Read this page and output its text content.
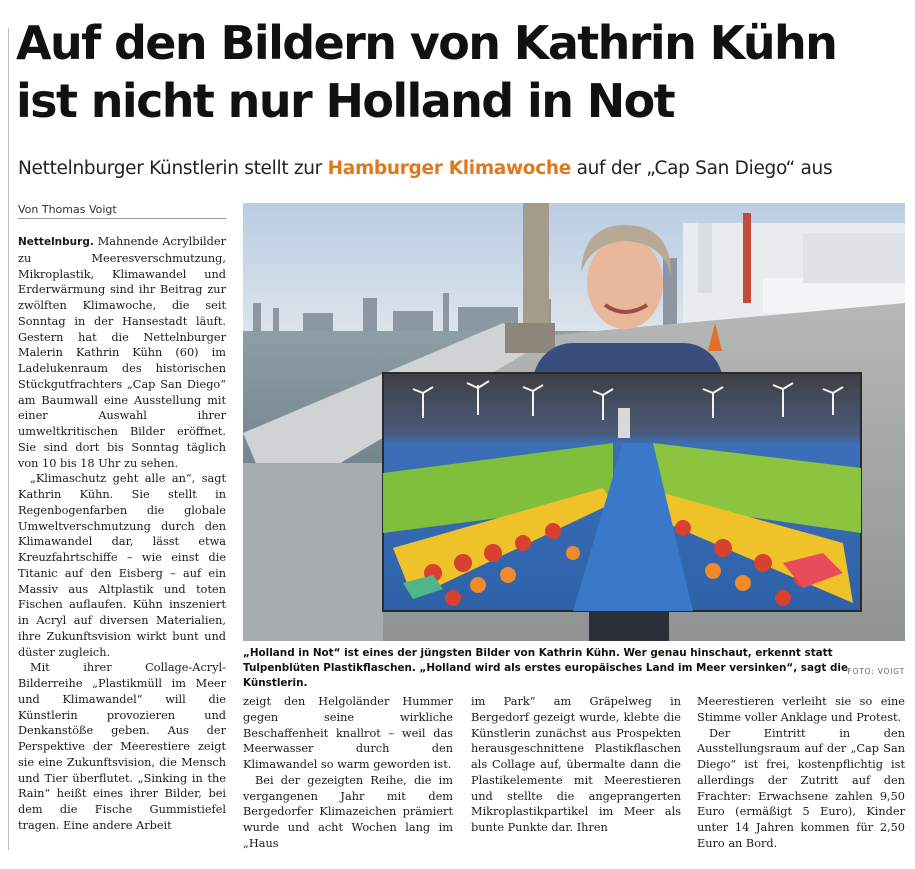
Auf den Bildern von Kathrin Kühn
ist nicht nur Holland in Not
Nettelnburger Künstlerin stellt zur Hamburger Klimawoche auf der „Cap San Diego“ aus
Von Thomas Voigt

Nettelnburg. Mahnende Acrylbilder zu Meeresverschmutzung, Mikroplastik, Klimawandel und Erderwärmung sind ihr Beitrag zur zwölften Klimawoche, die seit Sonntag in der Hansestadt läuft. Gestern hat die Nettelnburger Malerin Kathrin Kühn (60) im Ladelukenraum des historischen Stückgutfrachters „Cap San Diego“ am Baumwall eine Ausstellung mit einer Auswahl ihrer umweltkritischen Bilder eröffnet. Sie sind dort bis Sonntag täglich von 10 bis 18 Uhr zu sehen.

„Klimaschutz geht alle an“, sagt Kathrin Kühn. Sie stellt in Regenbogenfarben die globale Umweltverschmutzung durch den Klimawandel dar, lässt etwa Kreuzfahrtschiffe – wie einst die Titanic auf den Eisberg – auf ein Massiv aus Altplastik und toten Fischen auflaufen. Kühn inszeniert in Acryl auf diversen Materialien, ihre Zukunftsvision wirkt bunt und düster zugleich.

Mit ihrer Collage-Acryl-Bilderreihe „Plastikmüll im Meer und Klimawandel“ will die Künstlerin provozieren und Denkanstöße geben. Aus der Perspektive der Meerestiere zeigt sie eine Zukunftsvision, die Mensch und Tier überflutet. „Sinking in the Rain“ heißt eines ihrer Bilder, bei dem die Fische Gummistiefel tragen. Eine andere Arbeit

„Holland in Not“ ist eines der jüngsten Bilder von Kathrin Kühn. Wer genau hinschaut, erkennt statt Tulpenblüten Plastikflaschen. „Holland wird als erstes europäisches Land im Meer versinken“, sagt die Künstlerin.
FOTO: VOIGT

zeigt den Helgoländer Hummer gegen seine wirkliche Beschaffenheit knallrot – weil das Meerwasser durch den Klimawandel so warm geworden ist.

Bei der gezeigten Reihe, die im vergangenen Jahr mit dem Bergedorfer Klimazeichen prämiert wurde und acht Wochen lang im „Haus

im Park“ am Gräpelweg in Bergedorf gezeigt wurde, klebte die Künstlerin zunächst aus Prospekten herausgeschnittene Plastikflaschen als Collage auf, übermalte dann die Plastikelemente mit Meerestieren und stellte die angeprangerten Mikroplastikpartikel im Meer als bunte Punkte dar. Ihren

Meerestieren verleiht sie so eine Stimme voller Anklage und Protest.

Der Eintritt in den Ausstellungsraum auf der „Cap San Diego“ ist frei, kostenpflichtig ist allerdings der Zutritt auf den Frachter: Erwachsene zahlen 9,50 Euro (ermäßigt 5 Euro), Kinder unter 14 Jahren kommen für 2,50 Euro an Bord.
